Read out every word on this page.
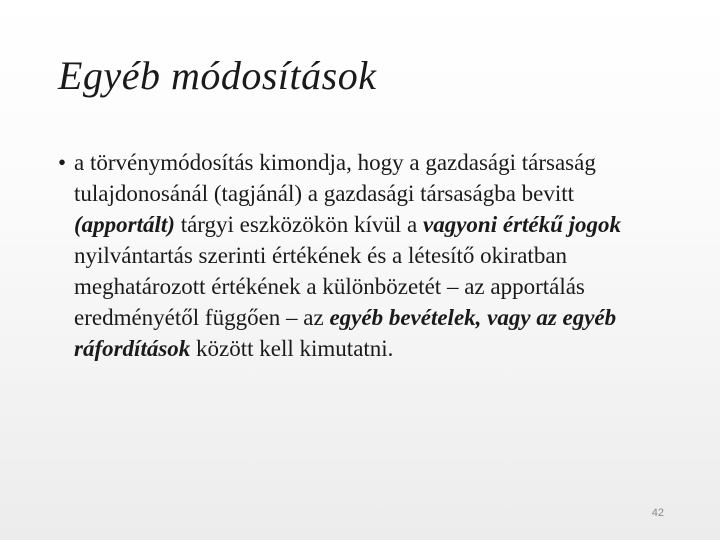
Egyéb módosítások
• a törvénymódosítás kimondja, hogy a gazdasági társaság tulajdonosánál (tagjánál) a gazdasági társaságba bevitt (apportált) tárgyi eszközökön kívül a vagyoni értékű jogok nyilvántartás szerinti értékének és a létesítő okiratban meghatározott értékének a különbözetét – az apportálás eredményétől függően – az egyéb bevételek, vagy az egyéb ráfordítások között kell kimutatni.
42
